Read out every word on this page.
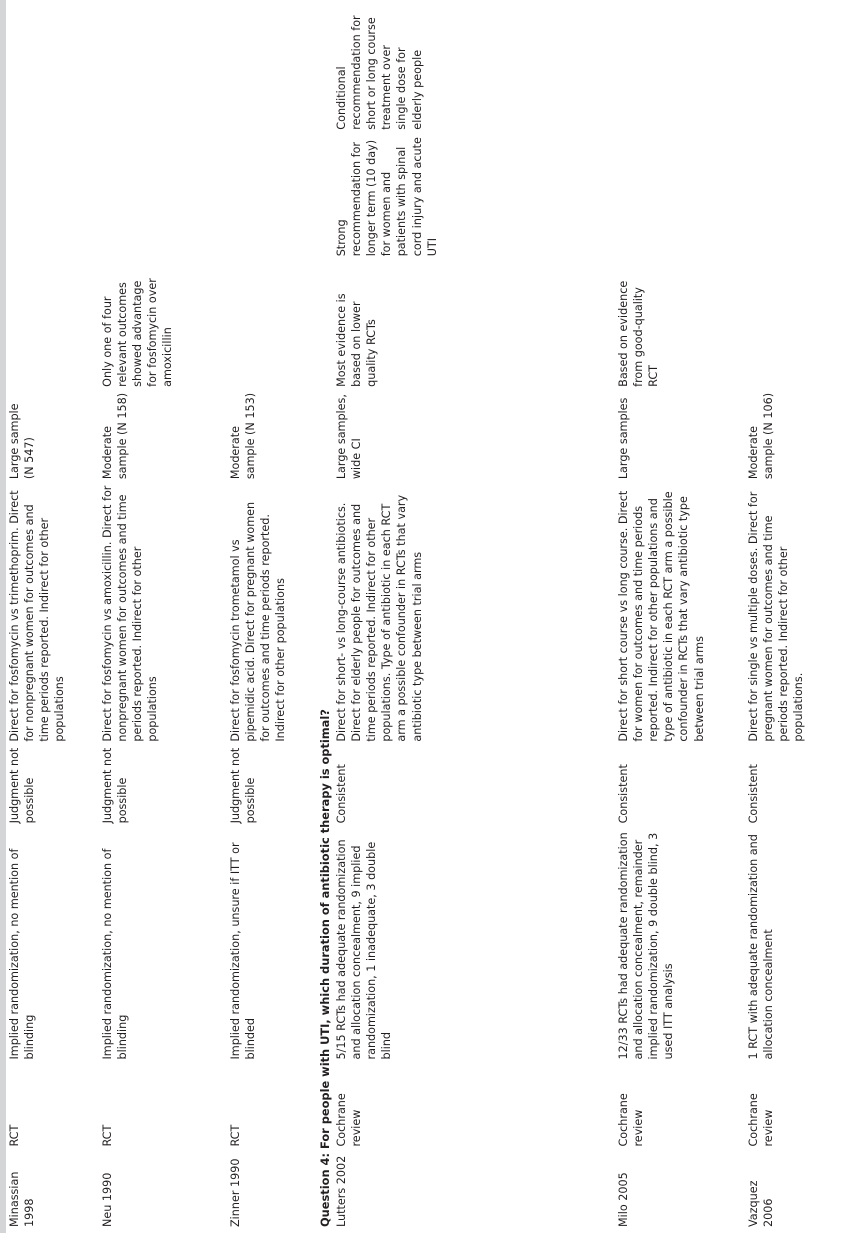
Minassian 1998	RCT	Implied randomization, no mention of blinding	Judgment not possible	Direct for fosfomycin vs trimethoprim. Direct for nonpregnant women for outcomes and time periods reported. Indirect for other populations	Large sample (N 547)			
Neu 1990	RCT	Implied randomization, no mention of blinding	Judgment not possible	Direct for fosfomycin vs amoxicillin. Direct for nonpregnant women for outcomes and time periods reported. Indirect for other populations	Moderate sample (N 158)	Only one of four relevant outcomes showed advantage for fosfomycin over amoxicillin		
Zinner 1990	RCT	Implied randomization, unsure if ITT or blinded	Judgment not possible	Direct for fosfomycin trometamol vs pipemidic acid. Direct for pregnant women for outcomes and time periods reported. Indirect for other populations	Moderate sample (N 153)			
Question 4: For people with UTI, which duration of antibiotic therapy is optimal?								
Lutters 2002	Cochrane review	5/15 RCTs had adequate randomization and allocation concealment, 9 implied randomization, 1 inadequate, 3 double blind	Consistent	Direct for short- vs long-course antibiotics. Direct for elderly people for outcomes and time periods reported. Indirect for other populations. Type of antibiotic in each RCT arm a possible confounder in RCTs that vary antibiotic type between trial arms	Large samples, wide CI	Most evidence is based on lower quality RCTs	Strong recommendation for longer term (10 day) for women and patients with spinal cord injury and acute UTI	Conditional recommendation for short or long course treatment over single dose for elderly people
Milo 2005	Cochrane review	12/33 RCTs had adequate randomization and allocation concealment, remainder implied randomization, 9 double blind, 3 used ITT analysis	Consistent	Direct for short course vs long course. Direct for women for outcomes and time periods reported. Indirect for other populations and type of antibiotic in each RCT arm a possible confounder in RCTs that vary antibiotic type between trial arms	Large samples	Based on evidence from good-quality RCT		
Vazquez 2006	Cochrane review	1 RCT with adequate randomization and allocation concealment	Consistent	Direct for single vs multiple doses. Direct for pregnant women for outcomes and time periods reported. Indirect for other populations.	Moderate sample (N 106)			
